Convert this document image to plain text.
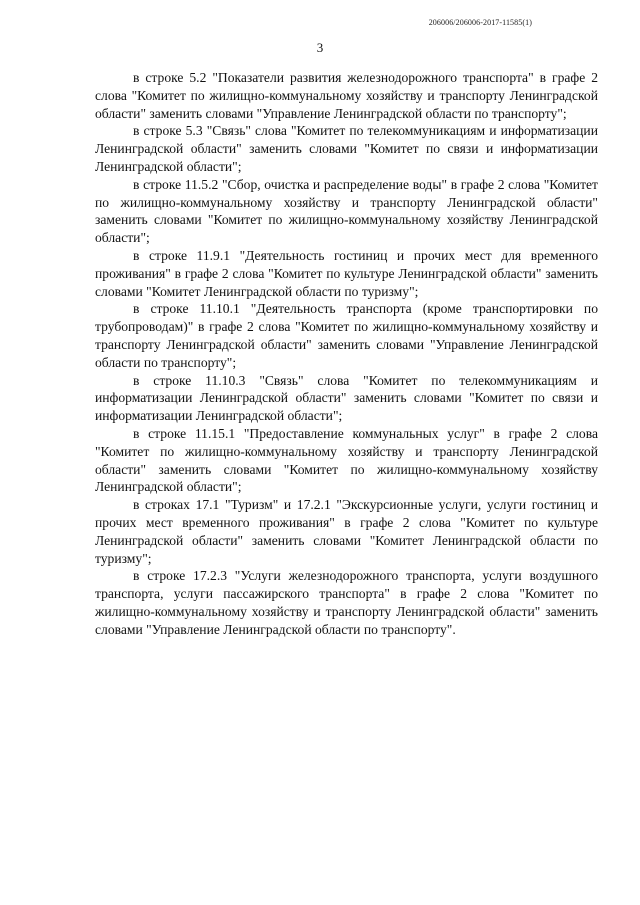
206006/206006-2017-11585(1)
3

в строке 5.2 "Показатели развития железнодорожного транспорта" в графе 2 слова "Комитет по жилищно-коммунальному хозяйству и транспорту Ленинградской области" заменить словами "Управление Ленинградской области по транспорту";

в строке 5.3 "Связь" слова "Комитет по телекоммуникациям и информатизации Ленинградской области" заменить словами "Комитет по связи и информатизации Ленинградской области";

в строке 11.5.2 "Сбор, очистка и распределение воды" в графе 2 слова "Комитет по жилищно-коммунальному хозяйству и транспорту Ленинградской области" заменить словами "Комитет по жилищно-коммунальному хозяйству Ленинградской области";

в строке 11.9.1 "Деятельность гостиниц и прочих мест для временного проживания" в графе 2 слова "Комитет по культуре Ленинградской области" заменить словами "Комитет Ленинградской области по туризму";

в строке 11.10.1 "Деятельность транспорта (кроме транспортировки по трубопроводам)" в графе 2 слова "Комитет по жилищно-коммунальному хозяйству и транспорту Ленинградской области" заменить словами "Управление Ленинградской области по транспорту";

в строке 11.10.3 "Связь" слова "Комитет по телекоммуникациям и информатизации Ленинградской области" заменить словами "Комитет по связи и информатизации Ленинградской области";

в строке 11.15.1 "Предоставление коммунальных услуг" в графе 2 слова "Комитет по жилищно-коммунальному хозяйству и транспорту Ленинградской области" заменить словами "Комитет по жилищно-коммунальному хозяйству Ленинградской области";

в строках 17.1 "Туризм" и 17.2.1 "Экскурсионные услуги, услуги гостиниц и прочих мест временного проживания" в графе 2 слова "Комитет по культуре Ленинградской области" заменить словами "Комитет Ленинградской области по туризму";

в строке 17.2.3 "Услуги железнодорожного транспорта, услуги воздушного транспорта, услуги пассажирского транспорта" в графе 2 слова "Комитет по жилищно-коммунальному хозяйству и транспорту Ленинградской области" заменить словами "Управление Ленинградской области по транспорту".
